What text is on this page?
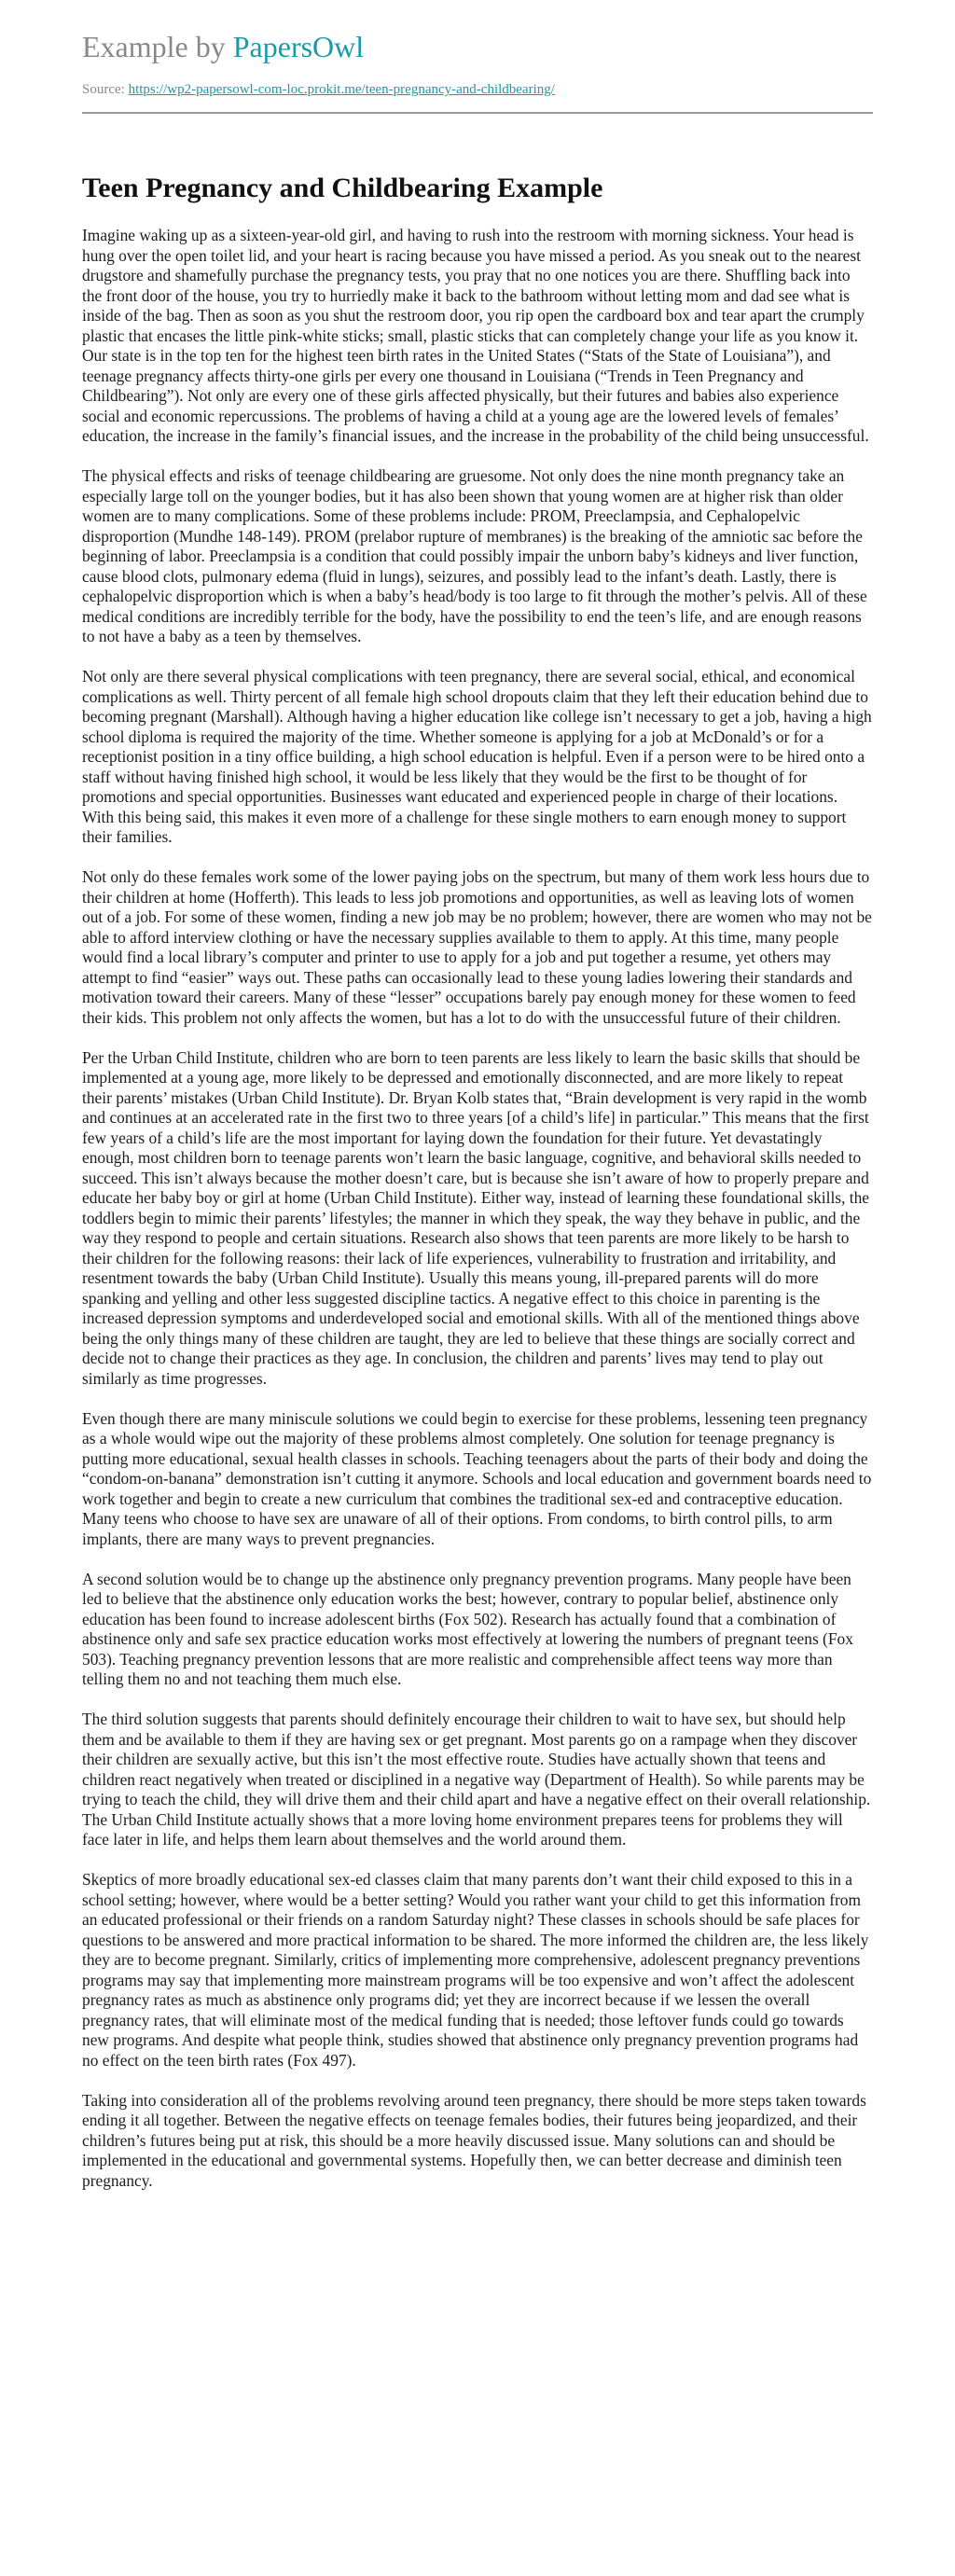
Example by PapersOwl
Source: https://wp2-papersowl-com-loc.prokit.me/teen-pregnancy-and-childbearing/
Teen Pregnancy and Childbearing Example

Imagine waking up as a sixteen-year-old girl, and having to rush into the restroom with morning sickness. Your head is hung over the open toilet lid, and your heart is racing because you have missed a period. As you sneak out to the nearest drugstore and shamefully purchase the pregnancy tests, you pray that no one notices you are there. Shuffling back into the front door of the house, you try to hurriedly make it back to the bathroom without letting mom and dad see what is inside of the bag. Then as soon as you shut the restroom door, you rip open the cardboard box and tear apart the crumply plastic that encases the little pink-white sticks; small, plastic sticks that can completely change your life as you know it. Our state is in the top ten for the highest teen birth rates in the United States (“Stats of the State of Louisiana”), and teenage pregnancy affects thirty-one girls per every one thousand in Louisiana (“Trends in Teen Pregnancy and Childbearing”). Not only are every one of these girls affected physically, but their futures and babies also experience social and economic repercussions. The problems of having a child at a young age are the lowered levels of females’ education, the increase in the family’s financial issues, and the increase in the probability of the child being unsuccessful.

The physical effects and risks of teenage childbearing are gruesome. Not only does the nine month pregnancy take an especially large toll on the younger bodies, but it has also been shown that young women are at higher risk than older women are to many complications. Some of these problems include: PROM, Preeclampsia, and Cephalopelvic disproportion (Mundhe 148-149). PROM (prelabor rupture of membranes) is the breaking of the amniotic sac before the beginning of labor. Preeclampsia is a condition that could possibly impair the unborn baby’s kidneys and liver function, cause blood clots, pulmonary edema (fluid in lungs), seizures, and possibly lead to the infant’s death. Lastly, there is cephalopelvic disproportion which is when a baby’s head/body is too large to fit through the mother’s pelvis. All of these medical conditions are incredibly terrible for the body, have the possibility to end the teen’s life, and are enough reasons to not have a baby as a teen by themselves.

Not only are there several physical complications with teen pregnancy, there are several social, ethical, and economical complications as well. Thirty percent of all female high school dropouts claim that they left their education behind due to becoming pregnant (Marshall). Although having a higher education like college isn’t necessary to get a job, having a high school diploma is required the majority of the time. Whether someone is applying for a job at McDonald’s or for a receptionist position in a tiny office building, a high school education is helpful. Even if a person were to be hired onto a staff without having finished high school, it would be less likely that they would be the first to be thought of for promotions and special opportunities. Businesses want educated and experienced people in charge of their locations. With this being said, this makes it even more of a challenge for these single mothers to earn enough money to support their families.

Not only do these females work some of the lower paying jobs on the spectrum, but many of them work less hours due to their children at home (Hofferth). This leads to less job promotions and opportunities, as well as leaving lots of women out of a job. For some of these women, finding a new job may be no problem; however, there are women who may not be able to afford interview clothing or have the necessary supplies available to them to apply. At this time, many people would find a local library’s computer and printer to use to apply for a job and put together a resume, yet others may attempt to find “easier” ways out. These paths can occasionally lead to these young ladies lowering their standards and motivation toward their careers. Many of these “lesser” occupations barely pay enough money for these women to feed their kids. This problem not only affects the women, but has a lot to do with the unsuccessful future of their children.

Per the Urban Child Institute, children who are born to teen parents are less likely to learn the basic skills that should be implemented at a young age, more likely to be depressed and emotionally disconnected, and are more likely to repeat their parents’ mistakes (Urban Child Institute). Dr. Bryan Kolb states that, “Brain development is very rapid in the womb and continues at an accelerated rate in the first two to three years [of a child’s life] in particular.” This means that the first few years of a child’s life are the most important for laying down the foundation for their future. Yet devastatingly enough, most children born to teenage parents won’t learn the basic language, cognitive, and behavioral skills needed to succeed. This isn’t always because the mother doesn’t care, but is because she isn’t aware of how to properly prepare and educate her baby boy or girl at home (Urban Child Institute). Either way, instead of learning these foundational skills, the toddlers begin to mimic their parents’ lifestyles; the manner in which they speak, the way they behave in public, and the way they respond to people and certain situations. Research also shows that teen parents are more likely to be harsh to their children for the following reasons: their lack of life experiences, vulnerability to frustration and irritability, and resentment towards the baby (Urban Child Institute). Usually this means young, ill-prepared parents will do more spanking and yelling and other less suggested discipline tactics. A negative effect to this choice in parenting is the increased depression symptoms and underdeveloped social and emotional skills. With all of the mentioned things above being the only things many of these children are taught, they are led to believe that these things are socially correct and decide not to change their practices as they age. In conclusion, the children and parents’ lives may tend to play out similarly as time progresses.

Even though there are many miniscule solutions we could begin to exercise for these problems, lessening teen pregnancy as a whole would wipe out the majority of these problems almost completely. One solution for teenage pregnancy is putting more educational, sexual health classes in schools. Teaching teenagers about the parts of their body and doing the “condom-on-banana” demonstration isn’t cutting it anymore. Schools and local education and government boards need to work together and begin to create a new curriculum that combines the traditional sex-ed and contraceptive education. Many teens who choose to have sex are unaware of all of their options. From condoms, to birth control pills, to arm implants, there are many ways to prevent pregnancies.

A second solution would be to change up the abstinence only pregnancy prevention programs. Many people have been led to believe that the abstinence only education works the best; however, contrary to popular belief, abstinence only education has been found to increase adolescent births (Fox 502). Research has actually found that a combination of abstinence only and safe sex practice education works most effectively at lowering the numbers of pregnant teens (Fox 503). Teaching pregnancy prevention lessons that are more realistic and comprehensible affect teens way more than telling them no and not teaching them much else.

The third solution suggests that parents should definitely encourage their children to wait to have sex, but should help them and be available to them if they are having sex or get pregnant. Most parents go on a rampage when they discover their children are sexually active, but this isn’t the most effective route. Studies have actually shown that teens and children react negatively when treated or disciplined in a negative way (Department of Health). So while parents may be trying to teach the child, they will drive them and their child apart and have a negative effect on their overall relationship. The Urban Child Institute actually shows that a more loving home environment prepares teens for problems they will face later in life, and helps them learn about themselves and the world around them.

Skeptics of more broadly educational sex-ed classes claim that many parents don’t want their child exposed to this in a school setting; however, where would be a better setting? Would you rather want your child to get this information from an educated professional or their friends on a random Saturday night? These classes in schools should be safe places for questions to be answered and more practical information to be shared. The more informed the children are, the less likely they are to become pregnant. Similarly, critics of implementing more comprehensive, adolescent pregnancy preventions programs may say that implementing more mainstream programs will be too expensive and won’t affect the adolescent pregnancy rates as much as abstinence only programs did; yet they are incorrect because if we lessen the overall pregnancy rates, that will eliminate most of the medical funding that is needed; those leftover funds could go towards new programs. And despite what people think, studies showed that abstinence only pregnancy prevention programs had no effect on the teen birth rates (Fox 497).

Taking into consideration all of the problems revolving around teen pregnancy, there should be more steps taken towards ending it all together. Between the negative effects on teenage females bodies, their futures being jeopardized, and their children’s futures being put at risk, this should be a more heavily discussed issue. Many solutions can and should be implemented in the educational and governmental systems. Hopefully then, we can better decrease and diminish teen pregnancy.
